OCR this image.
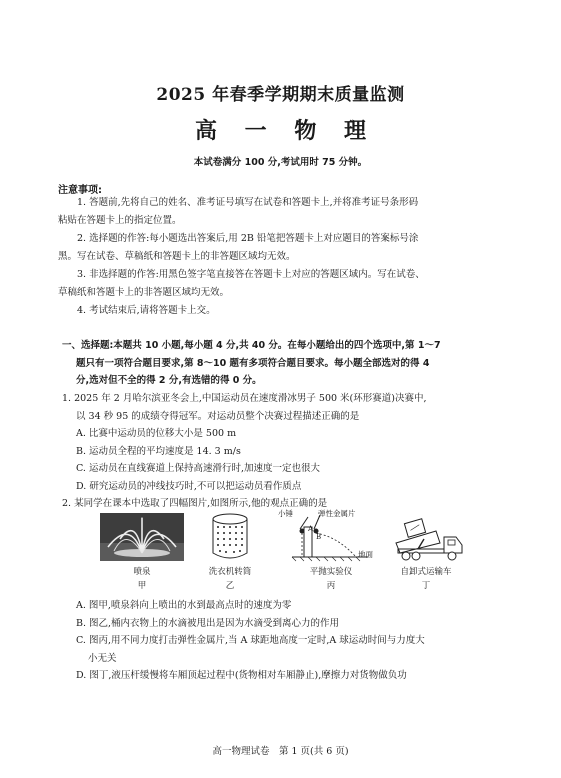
2025 年春季学期期末质量监测
高 一 物 理
本试卷满分 100 分,考试用时 75 分钟。
注意事项:
1. 答题前,先将自己的姓名、准考证号填写在试卷和答题卡上,并将准考证号条形码
粘贴在答题卡上的指定位置。
2. 选择题的作答:每小题选出答案后,用 2B 铅笔把答题卡上对应题目的答案标号涂
黑。写在试卷、草稿纸和答题卡上的非答题区域均无效。
3. 非选择题的作答:用黑色签字笔直接答在答题卡上对应的答题区域内。写在试卷、
草稿纸和答题卡上的非答题区域均无效。
4. 考试结束后,请将答题卡上交。
一、选择题:本题共 10 小题,每小题 4 分,共 40 分。在每小题给出的四个选项中,第 1～7
题只有一项符合题目要求,第 8～10 题有多项符合题目要求。每小题全部选对的得 4
分,选对但不全的得 2 分,有选错的得 0 分。
1. 2025 年 2 月哈尔滨亚冬会上,中国运动员在速度滑冰男子 500 米(环形赛道)决赛中,
以 34 秒 95 的成绩夺得冠军。对运动员整个决赛过程描述正确的是
A. 比赛中运动员的位移大小是 500 m
B. 运动员全程的平均速度是 14. 3 m/s
C. 运动员在直线赛道上保持高速滑行时,加速度一定也很大
D. 研究运动员的冲线技巧时,不可以把运动员看作质点
2. 某同学在课本中选取了四幅图片,如图所示,他的观点正确的是
喷泉
甲
洗衣机转筒
乙
小锤	弹性金属片
A
B
地面
平抛实验仪
丙
自卸式运输车
丁
A. 图甲,喷泉斜向上喷出的水到最高点时的速度为零
B. 图乙,桶内衣物上的水滴被甩出是因为水滴受到离心力的作用
C. 图丙,用不同力度打击弹性金属片,当 A 球距地高度一定时,A 球运动时间与力度大
小无关
D. 图丁,液压杆缓慢将车厢顶起过程中(货物相对车厢静止),摩擦力对货物做负功
高一物理试卷　第 1 页(共 6 页)
